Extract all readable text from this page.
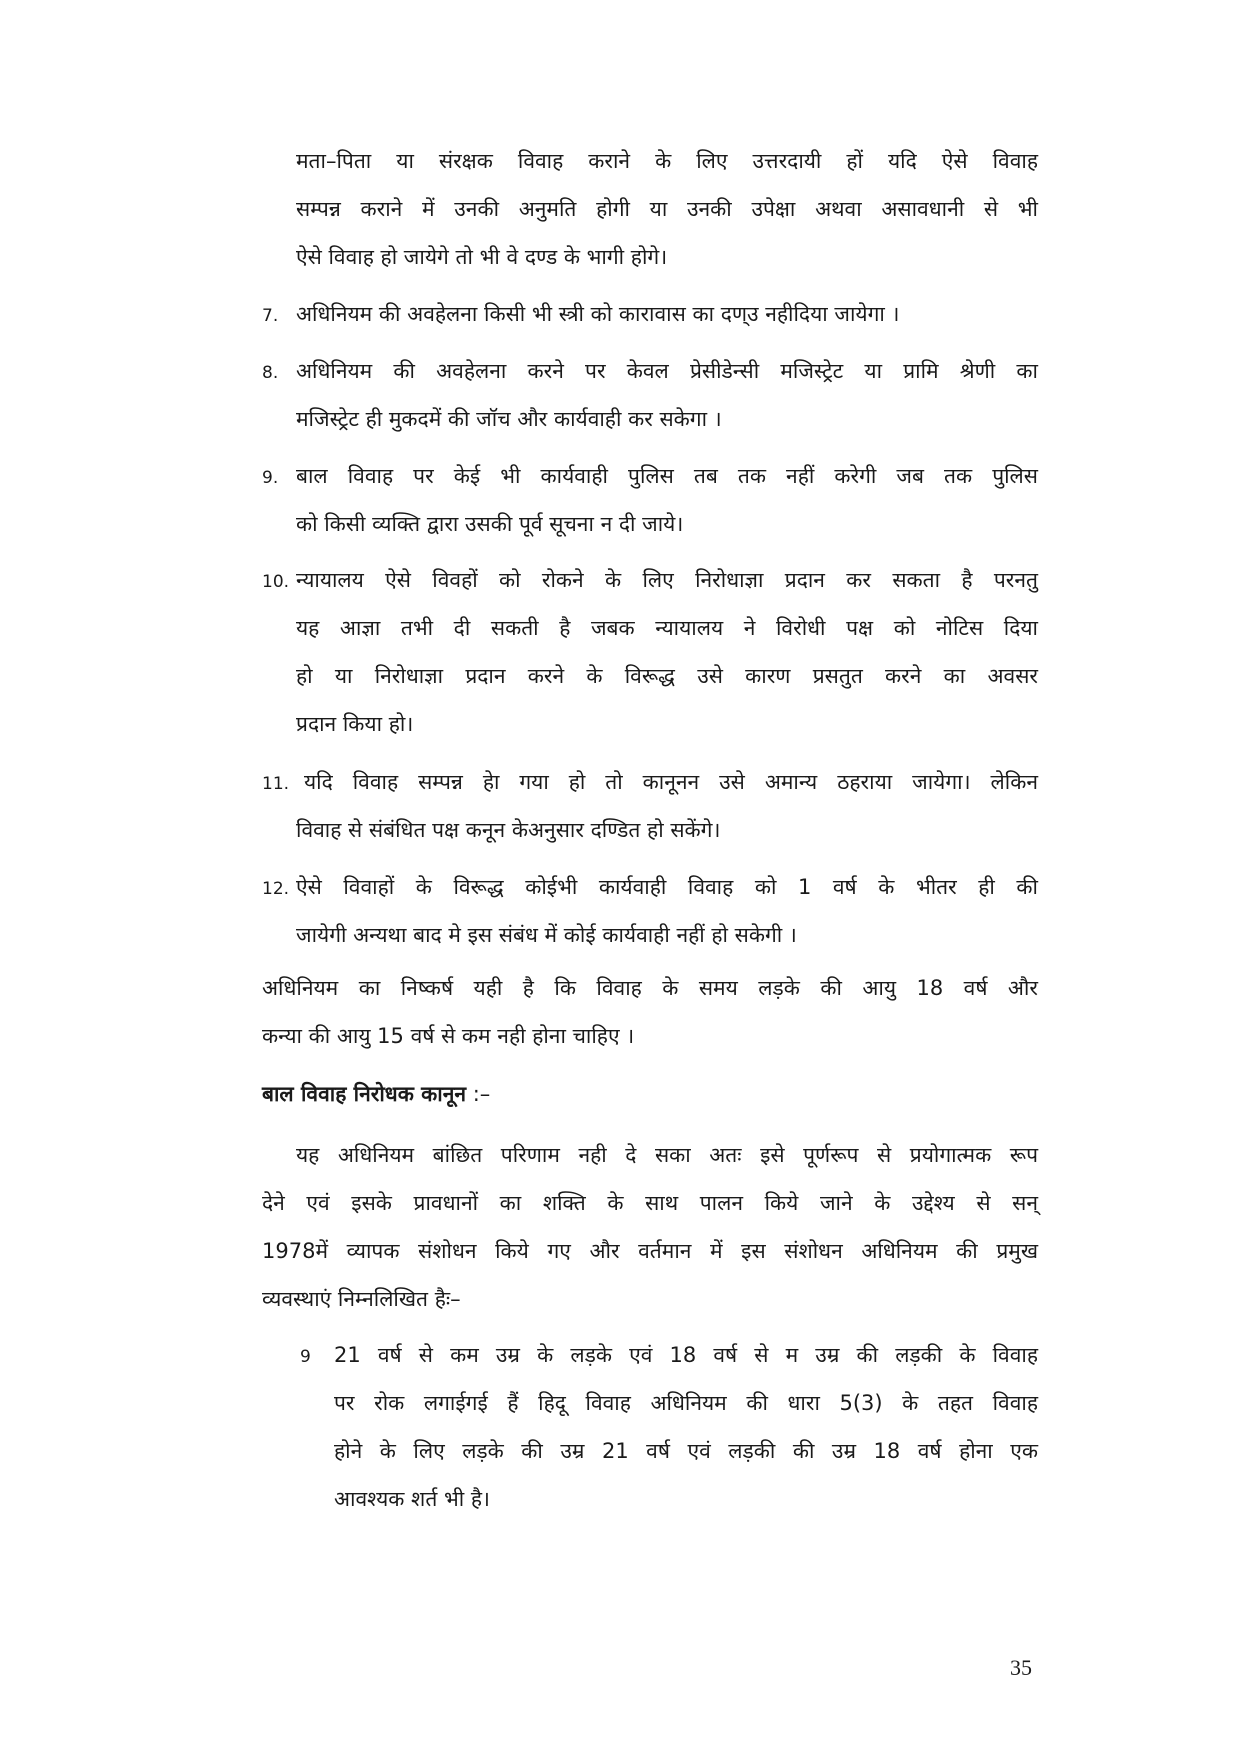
मता–पिता या संरक्षक विवाह कराने के लिए उत्तरदायी हों यदि ऐसे विवाह
सम्पन्न कराने में उनकी अनुमति होगी या उनकी उपेक्षा अथवा असावधानी से भी
ऐसे विवाह हो जायेगे तो भी वे दण्ड के भागी होगे।
7. अधिनियम की अवहेलना किसी भी स्त्री को कारावास का दण्उ नहीदिया जायेगा ।
8. अधिनियम की अवहेलना करने पर केवल प्रेसीडेन्सी मजिस्ट्रेट या प्रामि श्रेणी का
मजिस्ट्रेट ही मुकदमें की जॉच और कार्यवाही कर सकेगा ।
9. बाल विवाह पर केई भी कार्यवाही पुलिस तब तक नहीं करेगी जब तक पुलिस
को किसी व्यक्ति द्वारा उसकी पूर्व सूचना न दी जाये।
10. न्यायालय ऐसे विवहों को रोकने के लिए निरोधाज्ञा प्रदान कर सकता है परनतु
यह आज्ञा तभी दी सकती है जबक न्यायालय ने विरोधी पक्ष को नोटिस दिया
हो या निरोधाज्ञा प्रदान करने के विरूद्ध उसे कारण प्रसतुत करने का अवसर
प्रदान किया हो।
11. यदि विवाह सम्पन्न हेा गया हो तो कानूनन उसे अमान्य ठहराया जायेगा। लेकिन
विवाह से संबंधित पक्ष कनून केअनुसार दण्डित हो सकेंगे।
12. ऐसे विवाहों के विरूद्ध कोईभी कार्यवाही विवाह को 1 वर्ष के भीतर ही की
जायेगी अन्यथा बाद मे इस संबंध में कोई कार्यवाही नहीं हो सकेगी ।
अधिनियम का निष्कर्ष यही है कि विवाह के समय लड़के की आयु 18 वर्ष और
कन्या की आयु 15 वर्ष से कम नही होना चाहिए ।
बाल विवाह निरोधक कानून :–
यह अधिनियम बांछित परिणाम नही दे सका अतः इसे पूर्णरूप से प्रयोगात्मक रूप
देने एवं इसके प्रावधानों का शक्ति के साथ पालन किये जाने के उद्देश्य से सन्
1978में व्यापक संशोधन किये गए और वर्तमान में इस संशोधन अधिनियम की प्रमुख
व्यवस्थाएं निम्नलिखित हैः–
9 21 वर्ष से कम उम्र के लड़के एवं 18 वर्ष से म उम्र की लड़की के विवाह
पर रोक लगाईगई हैं हिदू विवाह अधिनियम की धारा 5(3) के तहत विवाह
होने के लिए लड़के की उम्र 21 वर्ष एवं लड़की की उम्र 18 वर्ष होना एक
आवश्यक शर्त भी है।
35
